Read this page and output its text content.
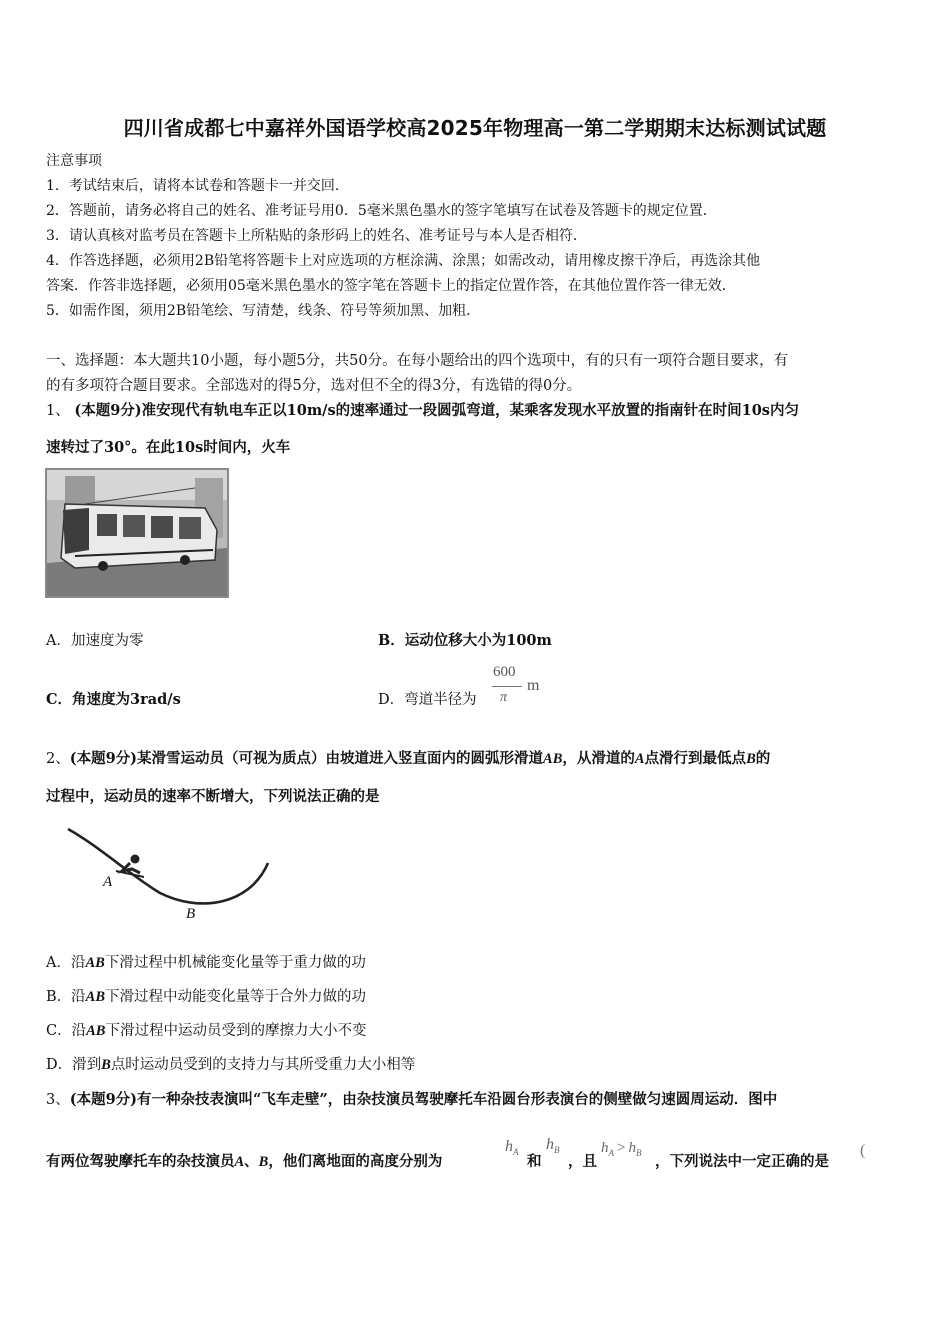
四川省成都七中嘉祥外国语学校高2025年物理高一第二学期期末达标测试试题
注意事项
1．考试结束后，请将本试卷和答题卡一并交回．
2．答题前，请务必将自己的姓名、准考证号用0．5毫米黑色墨水的签字笔填写在试卷及答题卡的规定位置．
3．请认真核对监考员在答题卡上所粘贴的条形码上的姓名、准考证号与本人是否相符．
4．作答选择题，必须用2B铅笔将答题卡上对应选项的方框涂满、涂黑；如需改动，请用橡皮擦干净后，再选涂其他
答案．作答非选择题，必须用05毫米黑色墨水的签字笔在答题卡上的指定位置作答，在其他位置作答一律无效．
5．如需作图，须用2B铅笔绘、写清楚，线条、符号等须加黑、加粗．
一、选择题：本大题共10小题，每小题5分，共50分。在每小题给出的四个选项中，有的只有一项符合题目要求，有
的有多项符合题目要求。全部选对的得5分，选对但不全的得3分，有选错的得0分。
1、 (本题9分)准安现代有轨电车正以10m/s的速率通过一段圆弧弯道，某乘客发现水平放置的指南针在时间10s内匀
速转过了30°。在此10s时间内，火车
A．加速度为零	B．运动位移大小为100m
C．角速度为3rad/s	D．弯道半径为
600
π
m
2、(本题9分)某滑雪运动员（可视为质点）由坡道进入竖直面内的圆弧形滑道AB，从滑道的A点滑行到最低点B的
过程中，运动员的速率不断增大，下列说法正确的是
A
B
A．沿AB下滑过程中机械能变化量等于重力做的功
B．沿AB下滑过程中动能变化量等于合外力做的功
C．沿AB下滑过程中运动员受到的摩擦力大小不变
D．滑到B点时运动员受到的支持力与其所受重力大小相等
3、(本题9分)有一种杂技表演叫“飞车走壁”，由杂技演员驾驶摩托车沿圆台形表演台的侧壁做匀速圆周运动．图中
有两位驾驶摩托车的杂技演员A、B，他们离地面的高度分别为
$h_A$
和
$h_B$
，且
$h_A > h_B$ ，下列说法中一定正确的是
(
